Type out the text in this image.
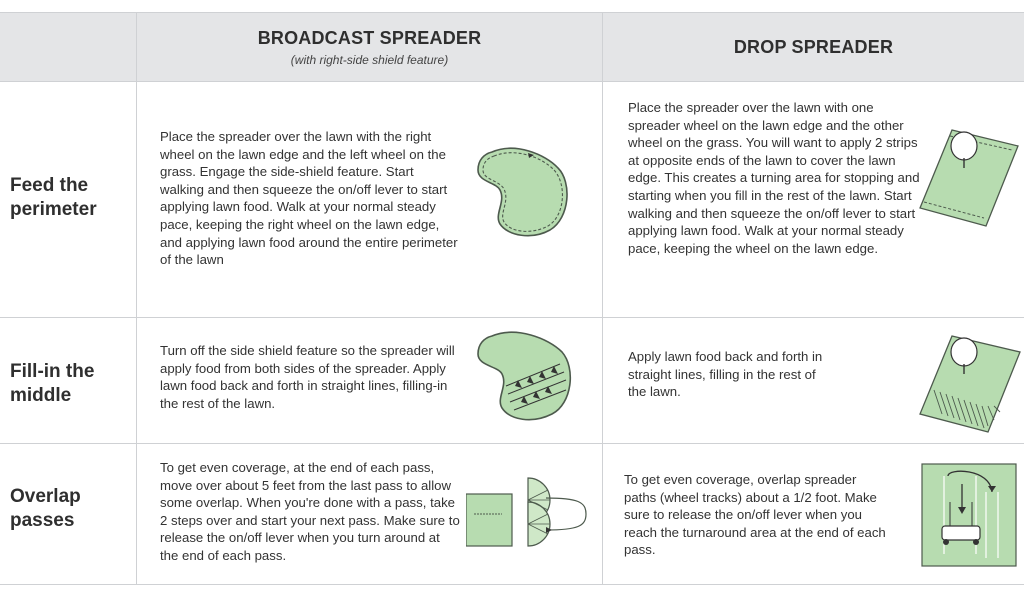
BROADCAST SPREADER
(with right-side shield feature)
DROP SPREADER
Feed the perimeter
Fill-in the middle
Overlap passes
Place the spreader over the lawn with the right wheel on the lawn edge and the left wheel on the grass. Engage the side-shield feature. Start walking and then squeeze the on/off lever to start applying lawn food. Walk at your normal steady pace, keeping the right wheel on the lawn edge, and applying lawn food around the entire perimeter of the lawn
Place the spreader over the lawn with one spreader wheel on the lawn edge and the other wheel on the grass. You will want to apply 2 strips at opposite ends of the lawn to cover the lawn edge. This creates a turning area for stopping and starting when you fill in the rest of the lawn. Start walking and then squeeze the on/off lever to start applying lawn food. Walk at your normal steady pace, keeping the wheel on the lawn edge.
Turn off the side shield feature so the spreader will apply food from both sides of the spreader. Apply lawn food back and forth in straight lines, filling-in the rest of the lawn.
Apply lawn food back and forth in straight lines, filling in the rest of the lawn.
To get even coverage, at the end of each pass, move over about 5 feet from the last pass to allow some overlap. When you're done with a pass, take 2 steps over and start your next pass. Make sure to release the on/off lever when you turn around at the end of each pass.
To get even coverage, overlap spreader paths (wheel tracks) about a 1/2 foot. Make sure to release the on/off lever when you reach the turnaround area at the end of each pass.
